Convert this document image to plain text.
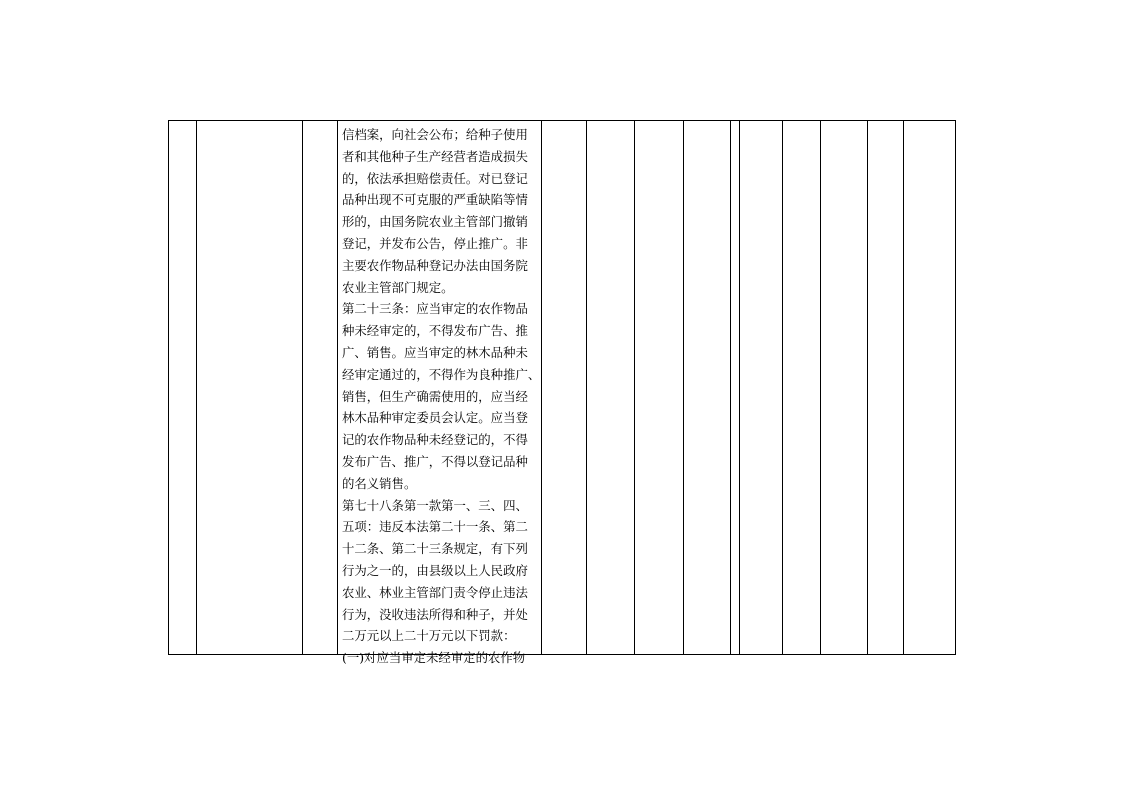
信档案，向社会公布；给种子使用
者和其他种子生产经营者造成损失
的，依法承担赔偿责任。对已登记
品种出现不可克服的严重缺陷等情
形的，由国务院农业主管部门撤销
登记，并发布公告，停止推广。非
主要农作物品种登记办法由国务院
农业主管部门规定。
第二十三条：应当审定的农作物品
种未经审定的，不得发布广告、推
广、销售。应当审定的林木品种未
经审定通过的，不得作为良种推广、
销售，但生产确需使用的，应当经
林木品种审定委员会认定。应当登
记的农作物品种未经登记的，不得
发布广告、推广，不得以登记品种
的名义销售。
第七十八条第一款第一、三、四、
五项：违反本法第二十一条、第二
十二条、第二十三条规定，有下列
行为之一的，由县级以上人民政府
农业、林业主管部门责令停止违法
行为，没收违法所得和种子，并处
二万元以上二十万元以下罚款：
(一)对应当审定未经审定的农作物
